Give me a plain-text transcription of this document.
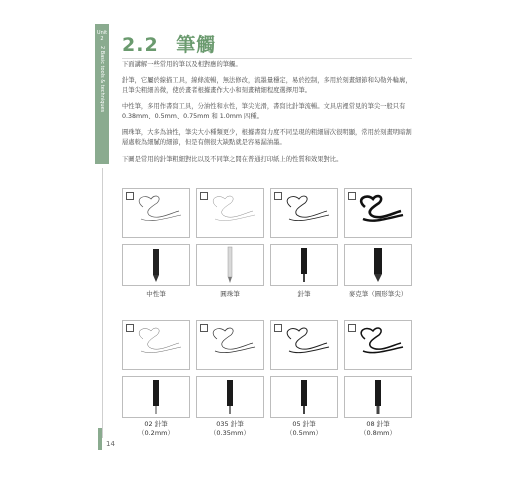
Unit 2
2 Basic tools & techniques
2.2 筆觸
下面講解一些常用的筆以及相對應的筆觸。
針筆，它屬於線描工具，線條流暢，無法修改，流墨量穩定，易於控制，多用於刻畫細節和勾勒外輪廓，且筆尖粗細善微，使於畫者根據畫作大小和刻畫精細程度選擇用筆。
中性筆，多用作書寫工具，分油性和水性，筆尖光滑，書寫比針筆流暢。文具店裡常見的筆尖一般只有 0.38mm、0.5mm、0.75mm 和 1.0mm 四種。
圓珠筆，大多為油性，筆尖大小種類更少，根據書寫力度不同呈現的粗細層次很明顯，常用於刻畫明暗割層處較為細膩的細節，但是有側很大缺點就是容易漏油墨。
下圖是常用的針筆粗細對比以及不同筆之間在普通打印紙上的性質和效果對比。
中性筆	圓珠筆	針筆	麥克筆（圓形筆尖）
02 針筆
（0.2mm）
035 針筆
（0.35mm）
05 針筆
（0.5mm）
08 針筆
（0.8mm）
14
